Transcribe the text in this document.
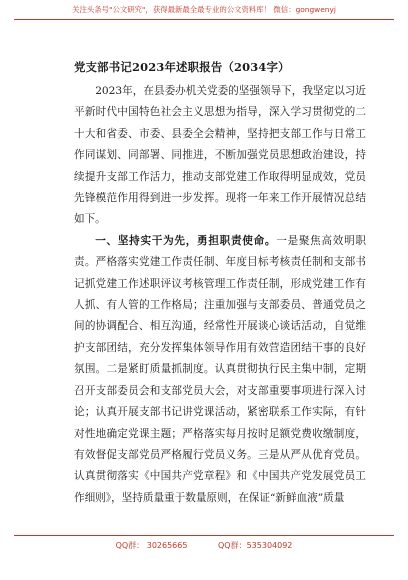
关注头条号"公文研究"，获得最新最全最专业的公文资料库！ 微信：gongwenyj
党支部书记2023年述职报告（2034字）

2023年，在县委办机关党委的坚强领导下，我坚定以习近平新时代中国特色社会主义思想为指导，深入学习贯彻党的二十大和省委、市委、县委全会精神，坚持把支部工作与日常工作同谋划、同部署、同推进，不断加强党员思想政治建设，持续提升支部工作活力，推动支部党建工作取得明显成效，党员先锋模范作用得到进一步发挥。现将一年来工作开展情况总结如下。

一、坚持实干为先，勇担职责使命。一是聚焦高效明职责。严格落实党建工作责任制、年度目标考核责任制和支部书记抓党建工作述职评议考核管理工作责任制，形成党建工作有人抓、有人管的工作格局；注重加强与支部委员、普通党员之间的协调配合、相互沟通，经常性开展谈心谈话活动，自觉维护支部团结，充分发挥集体领导作用有效营造团结干事的良好氛围。二是紧盯质量抓制度。认真贯彻执行民主集中制，定期召开支部委员会和支部党员大会，对支部重要事项进行深入讨论；认真开展支部书记讲党课活动，紧密联系工作实际，有针对性地确定党课主题；严格落实每月按时足额党费收缴制度，有效督促支部党员严格履行党员义务。三是从严从优育党员。认真贯彻落实《中国共产党章程》和《中国共产党发展党员工作细则》，坚持质量重于数量原则，在保证“新鲜血液”质量

QQ群： 30265665	QQ群：535304092
